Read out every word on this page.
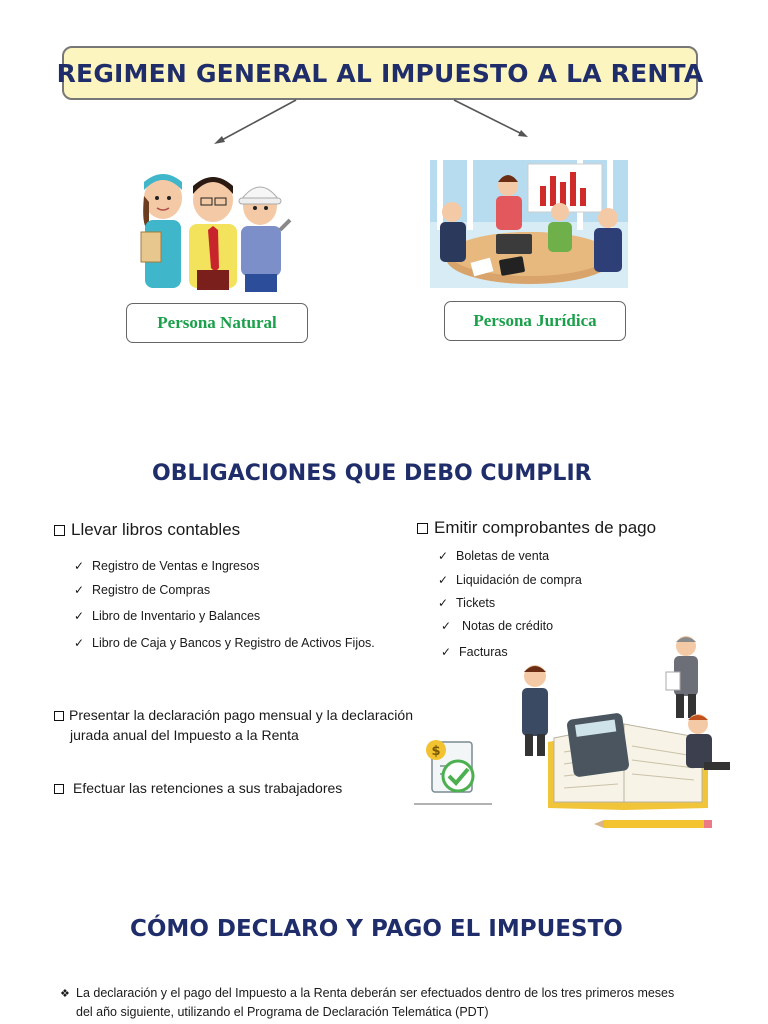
REGIMEN GENERAL AL IMPUESTO A LA RENTA
Persona Natural	Persona Jurídica
OBLIGACIONES QUE DEBO CUMPLIR
Llevar libros contables
✓ Registro de Ventas e Ingresos
✓ Registro de Compras
✓ Libro de Inventario y Balances
✓ Libro de Caja y Bancos y Registro de Activos Fijos.
Emitir comprobantes de pago
✓ Boletas de venta
✓ Liquidación de compra
✓ Tickets
✓ Notas de crédito
✓ Facturas
Presentar la declaración pago mensual y la declaración
jurada anual del Impuesto a la Renta
Efectuar las retenciones a sus trabajadores
$
CÓMO DECLARO Y PAGO EL IMPUESTO
❖ La declaración y el pago del Impuesto a la Renta deberán ser efectuados dentro de los tres primeros meses
del año siguiente, utilizando el Programa de Declaración Telemática (PDT)
